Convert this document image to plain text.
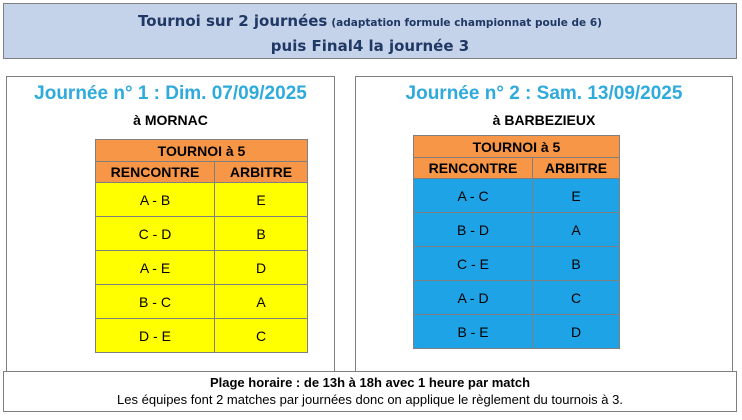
Tournoi sur 2 journées (adaptation formule championnat poule de 6)
puis Final4 la journée 3
Journée n° 1 : Dim. 07/09/2025
à MORNAC
TOURNOI à 5	
RENCONTRE	ARBITRE
A - B	E
C - D	B
A - E	D
B - C	A
D - E	C
Journée n° 2 : Sam. 13/09/2025
à BARBEZIEUX
TOURNOI à 5	
RENCONTRE	ARBITRE
A - C	E
B - D	A
C - E	B
A - D	C
B - E	D
Plage horaire : de 13h à 18h avec 1 heure par match
Les équipes font 2 matches par journées donc on applique le règlement du tournois à 3.
